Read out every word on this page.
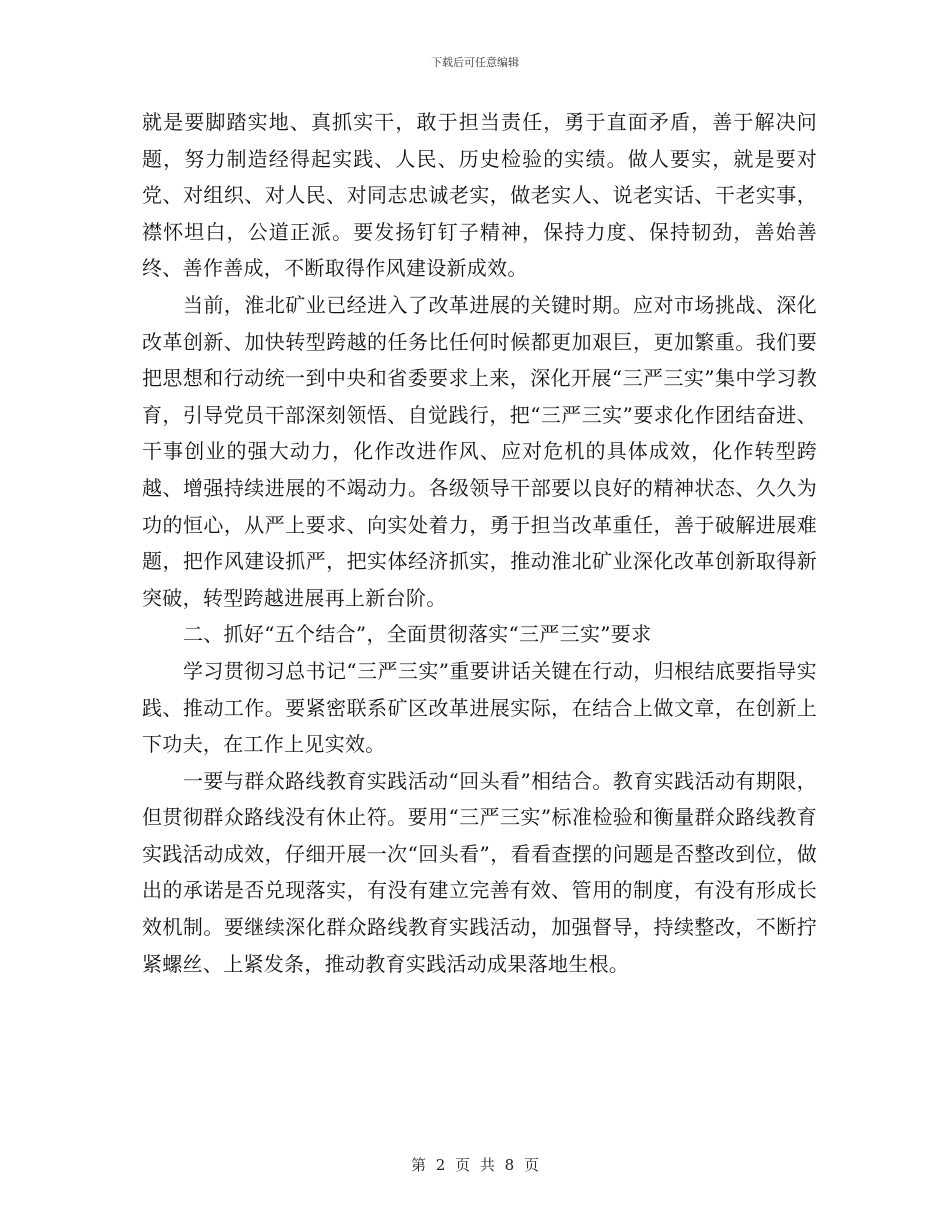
下载后可任意编辑

就是要脚踏实地、真抓实干，敢于担当责任，勇于直面矛盾，善于解决问题，努力制造经得起实践、人民、历史检验的实绩。做人要实，就是要对党、对组织、对人民、对同志忠诚老实，做老实人、说老实话、干老实事，襟怀坦白，公道正派。要发扬钉钉子精神，保持力度、保持韧劲，善始善终、善作善成，不断取得作风建设新成效。

当前，淮北矿业已经进入了改革进展的关键时期。应对市场挑战、深化改革创新、加快转型跨越的任务比任何时候都更加艰巨，更加繁重。我们要把思想和行动统一到中央和省委要求上来，深化开展“三严三实”集中学习教育，引导党员干部深刻领悟、自觉践行，把“三严三实”要求化作团结奋进、干事创业的强大动力，化作改进作风、应对危机的具体成效，化作转型跨越、增强持续进展的不竭动力。各级领导干部要以良好的精神状态、久久为功的恒心，从严上要求、向实处着力，勇于担当改革重任，善于破解进展难题，把作风建设抓严，把实体经济抓实，推动淮北矿业深化改革创新取得新突破，转型跨越进展再上新台阶。

二、抓好“五个结合”，全面贯彻落实“三严三实”要求

学习贯彻习总书记“三严三实”重要讲话关键在行动，归根结底要指导实践、推动工作。要紧密联系矿区改革进展实际，在结合上做文章，在创新上下功夫，在工作上见实效。

一要与群众路线教育实践活动“回头看”相结合。教育实践活动有期限，但贯彻群众路线没有休止符。要用“三严三实”标准检验和衡量群众路线教育实践活动成效，仔细开展一次“回头看”，看看查摆的问题是否整改到位，做出的承诺是否兑现落实，有没有建立完善有效、管用的制度，有没有形成长效机制。要继续深化群众路线教育实践活动，加强督导，持续整改，不断拧紧螺丝、上紧发条，推动教育实践活动成果落地生根。

第 2 页 共 8 页
